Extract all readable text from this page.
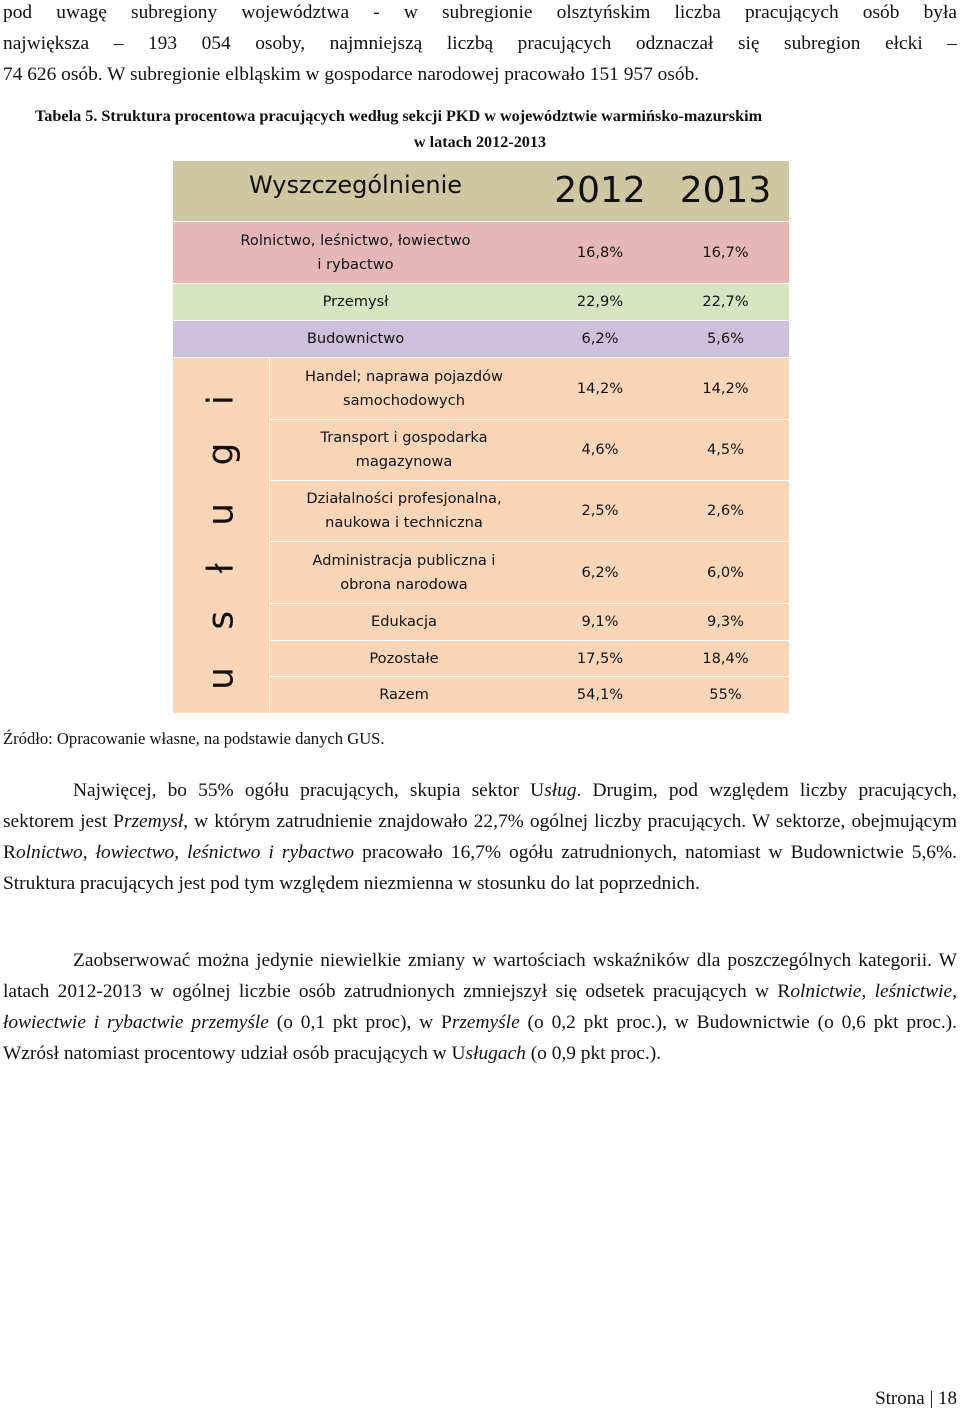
pod uwagę subregiony województwa - w subregionie olsztyńskim liczba pracujących osób była
największa – 193 054 osoby, najmniejszą liczbą pracujących odznaczał się subregion ełcki –
74 626 osób. W subregionie elbląskim w gospodarce narodowej pracowało 151 957 osób.
Tabela 5. Struktura procentowa pracujących według sekcji PKD w województwie warmińsko-mazurskim
w latach 2012-2013
Wyszczególnienie	2012 2013
Rolnictwo, leśnictwo, łowiectwo
i rybactwo
16,8%	16,7%
Przemysł	22,9%	22,7%
Budownictwo	6,2%	5,6%
u s ł u g i
Handel; naprawa pojazdów
samochodowych
14,2%	14,2%
Transport i gospodarka
magazynowa
4,6%	4,5%
Działalności profesjonalna,
naukowa i techniczna
2,5%	2,6%
Administracja publiczna i
obrona narodowa
6,2%	6,0%
Edukacja	9,1%	9,3%
Pozostałe	17,5%	18,4%
Razem	54,1%	55%
Źródło: Opracowanie własne, na podstawie danych GUS.
Najwięcej, bo 55% ogółu pracujących, skupia sektor Usług. Drugim, pod względem liczby pracujących, sektorem jest Przemysł, w którym zatrudnienie znajdowało 22,7% ogólnej liczby pracujących. W sektorze, obejmującym Rolnictwo, łowiectwo, leśnictwo i rybactwo pracowało 16,7% ogółu zatrudnionych, natomiast w Budownictwie 5,6%. Struktura pracujących jest pod tym względem niezmienna w stosunku do lat poprzednich.
Zaobserwować można jedynie niewielkie zmiany w wartościach wskaźników dla poszczególnych kategorii. W latach 2012-2013 w ogólnej liczbie osób zatrudnionych zmniejszył się odsetek pracujących w Rolnictwie, leśnictwie, łowiectwie i rybactwie przemyśle (o 0,1 pkt proc), w Przemyśle (o 0,2 pkt proc.), w Budownictwie (o 0,6 pkt proc.). Wzrósł natomiast procentowy udział osób pracujących w Usługach (o 0,9 pkt proc.).
Strona | 18
